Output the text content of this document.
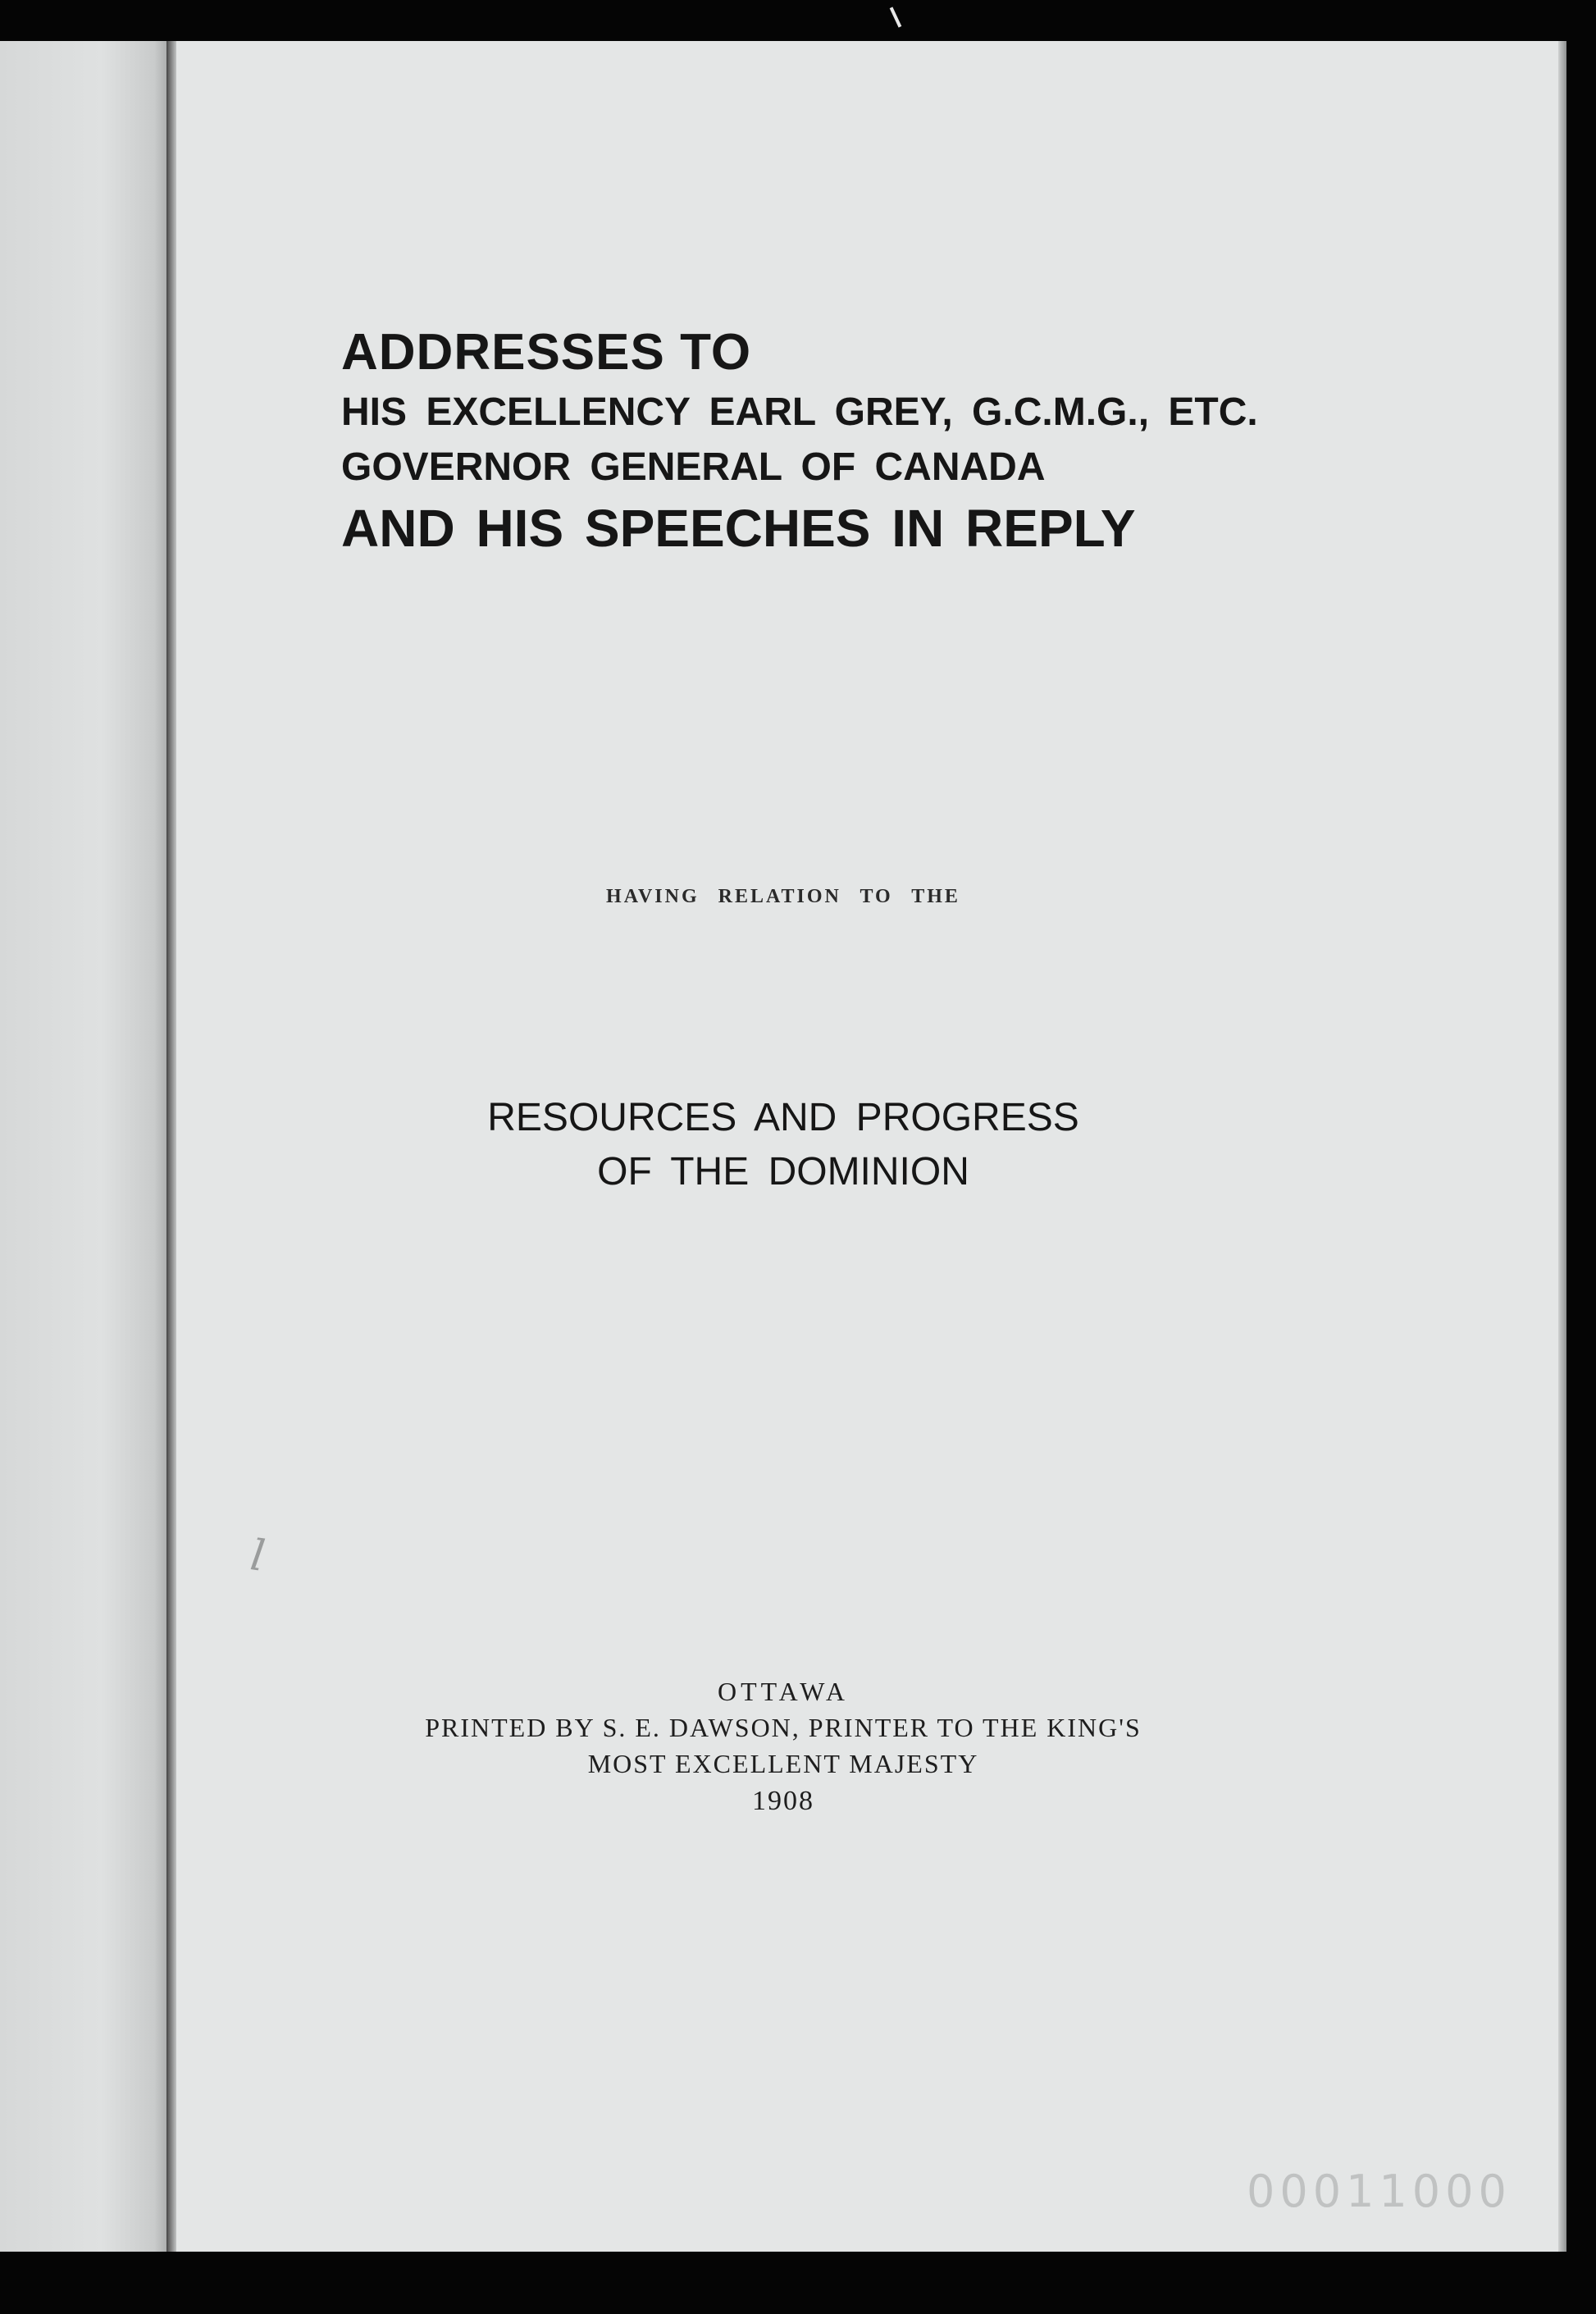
ADDRESSES TO
HIS EXCELLENCY EARL GREY, G.C.M.G., ETC.
GOVERNOR GENERAL OF CANADA
AND HIS SPEECHES IN REPLY
HAVING RELATION TO THE
RESOURCES AND PROGRESS
OF THE DOMINION
l
OTTAWA
PRINTED BY S. E. DAWSON, PRINTER TO THE KING'S
MOST EXCELLENT MAJESTY
1908
00011000
